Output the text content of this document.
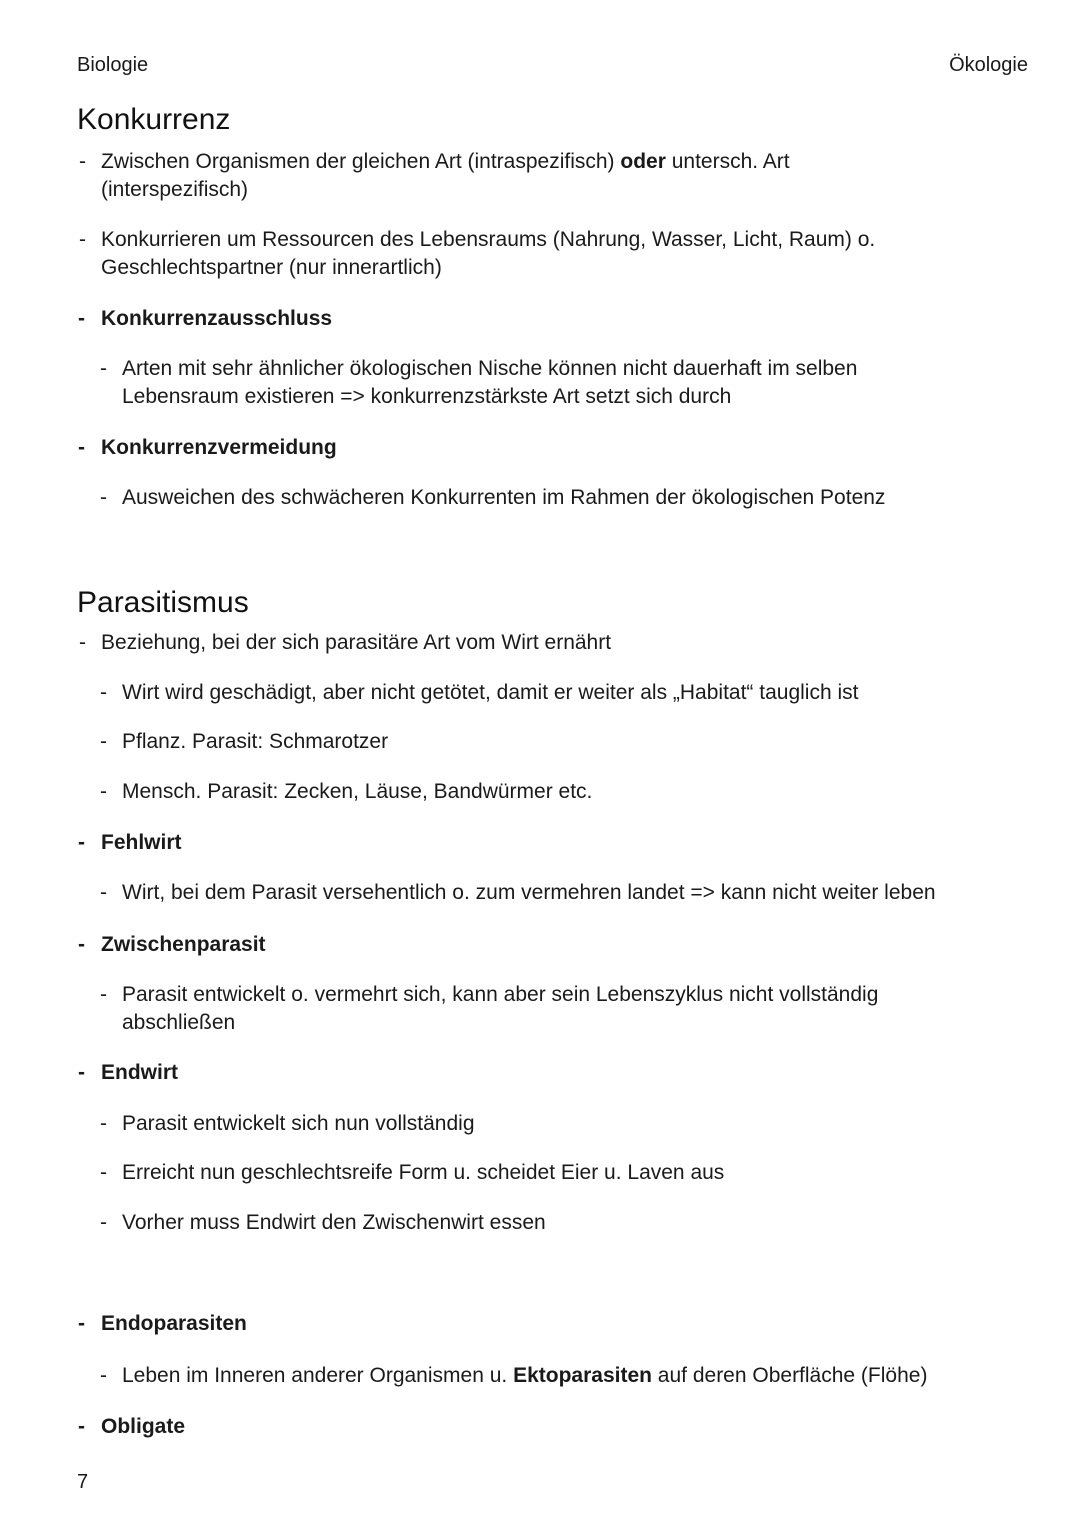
Biologie	Ökologie
Konkurrenz
- Zwischen Organismen der gleichen Art (intraspezifisch) oder untersch. Art
(interspezifisch)
- Konkurrieren um Ressourcen des Lebensraums (Nahrung, Wasser, Licht, Raum) o.
Geschlechtspartner (nur innerartlich)
- Konkurrenzausschluss
- Arten mit sehr ähnlicher ökologischen Nische können nicht dauerhaft im selben
Lebensraum existieren => konkurrenzstärkste Art setzt sich durch
- Konkurrenzvermeidung
- Ausweichen des schwächeren Konkurrenten im Rahmen der ökologischen Potenz
Parasitismus
- Beziehung, bei der sich parasitäre Art vom Wirt ernährt
- Wirt wird geschädigt, aber nicht getötet, damit er weiter als „Habitat“ tauglich ist
- Pflanz. Parasit: Schmarotzer
- Mensch. Parasit: Zecken, Läuse, Bandwürmer etc.
- Fehlwirt
- Wirt, bei dem Parasit versehentlich o. zum vermehren landet => kann nicht weiter leben
- Zwischenparasit
- Parasit entwickelt o. vermehrt sich, kann aber sein Lebenszyklus nicht vollständig
abschließen
- Endwirt
- Parasit entwickelt sich nun vollständig
- Erreicht nun geschlechtsreife Form u. scheidet Eier u. Laven aus
- Vorher muss Endwirt den Zwischenwirt essen
- Endoparasiten
- Leben im Inneren anderer Organismen u. Ektoparasiten auf deren Oberfläche (Flöhe)
- Obligate
7
